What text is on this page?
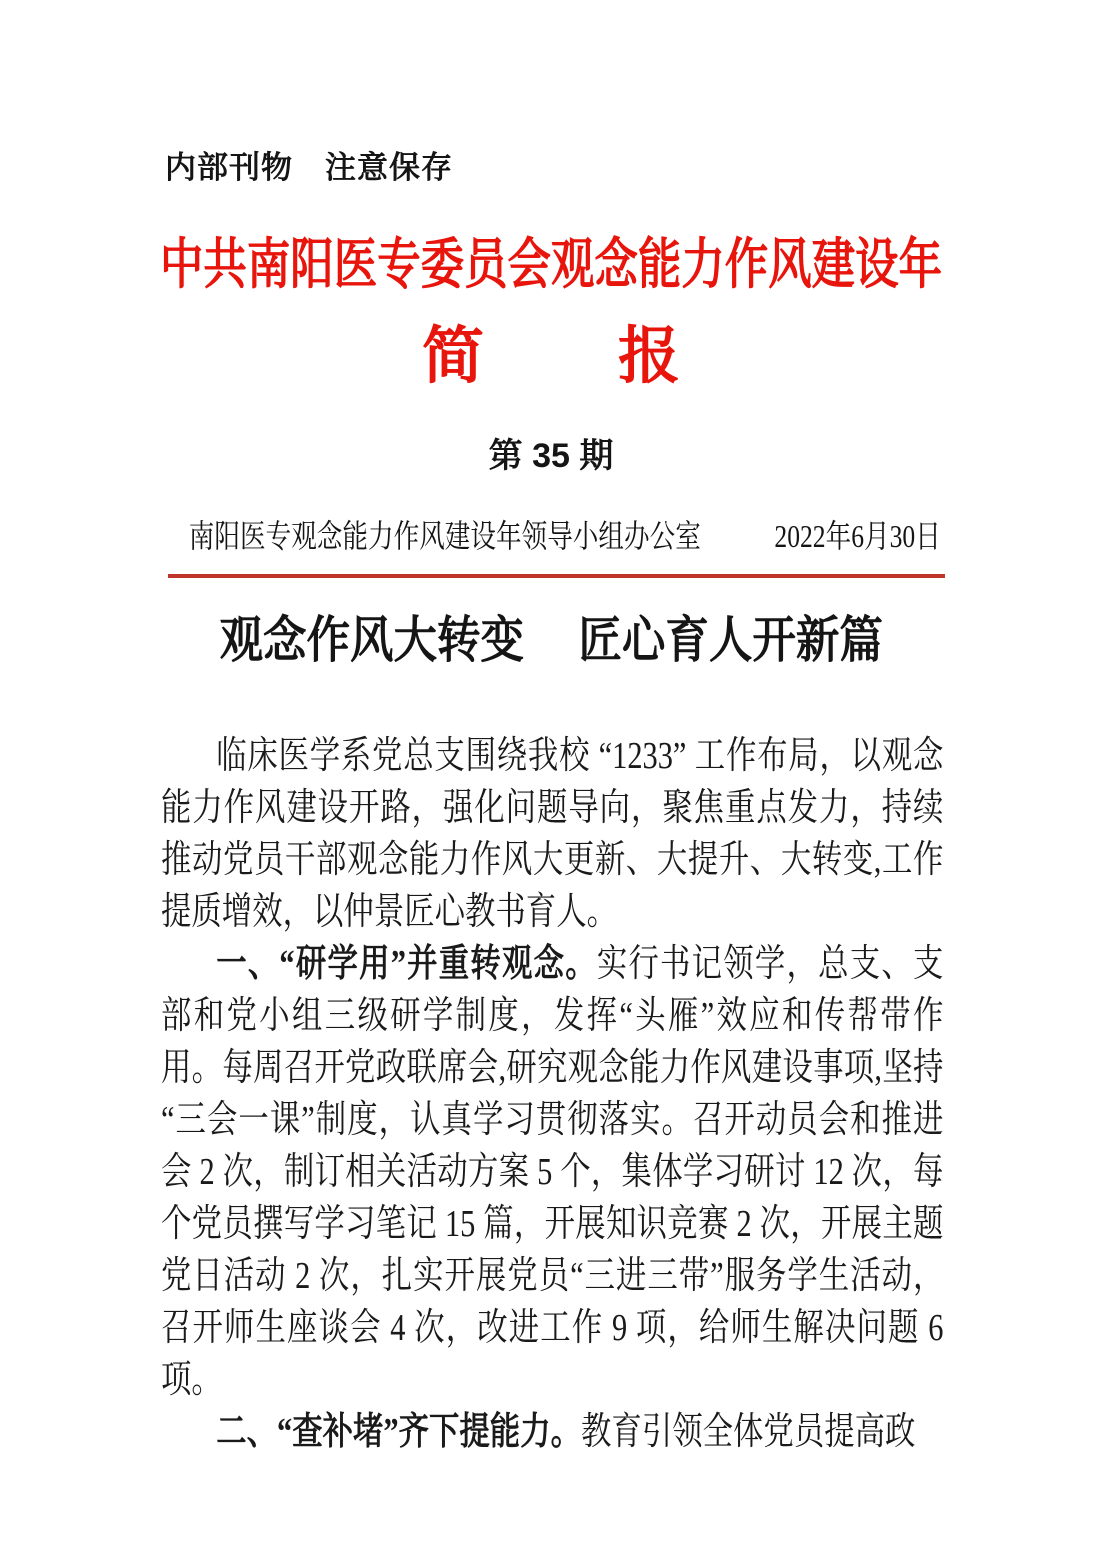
内部刊物　注意保存
中共南阳医专委员会观念能力作风建设年
简 报
第 35 期
南阳医专观念能力作风建设年领导小组办公室 2022年6月30日
观念作风大转变　 匠心育人开新篇

临床医学系党总支围绕我校 “1233” 工作布局，以观念能力作风建设开路，强化问题导向，聚焦重点发力，持续推动党员干部观念能力作风大更新、大提升、大转变,工作提质增效，以仲景匠心教书育人。

一、“研学用”并重转观念。实行书记领学，总支、支部和党小组三级研学制度，发挥“头雁”效应和传帮带作用。每周召开党政联席会,研究观念能力作风建设事项,坚持“三会一课”制度，认真学习贯彻落实。召开动员会和推进会 2 次，制订相关活动方案 5 个，集体学习研讨 12 次，每个党员撰写学习笔记 15 篇，开展知识竞赛 2 次，开展主题党日活动 2 次，扎实开展党员“三进三带”服务学生活动，召开师生座谈会 4 次，改进工作 9 项，给师生解决问题 6 项。

二、“查补堵”齐下提能力。教育引领全体党员提高政
